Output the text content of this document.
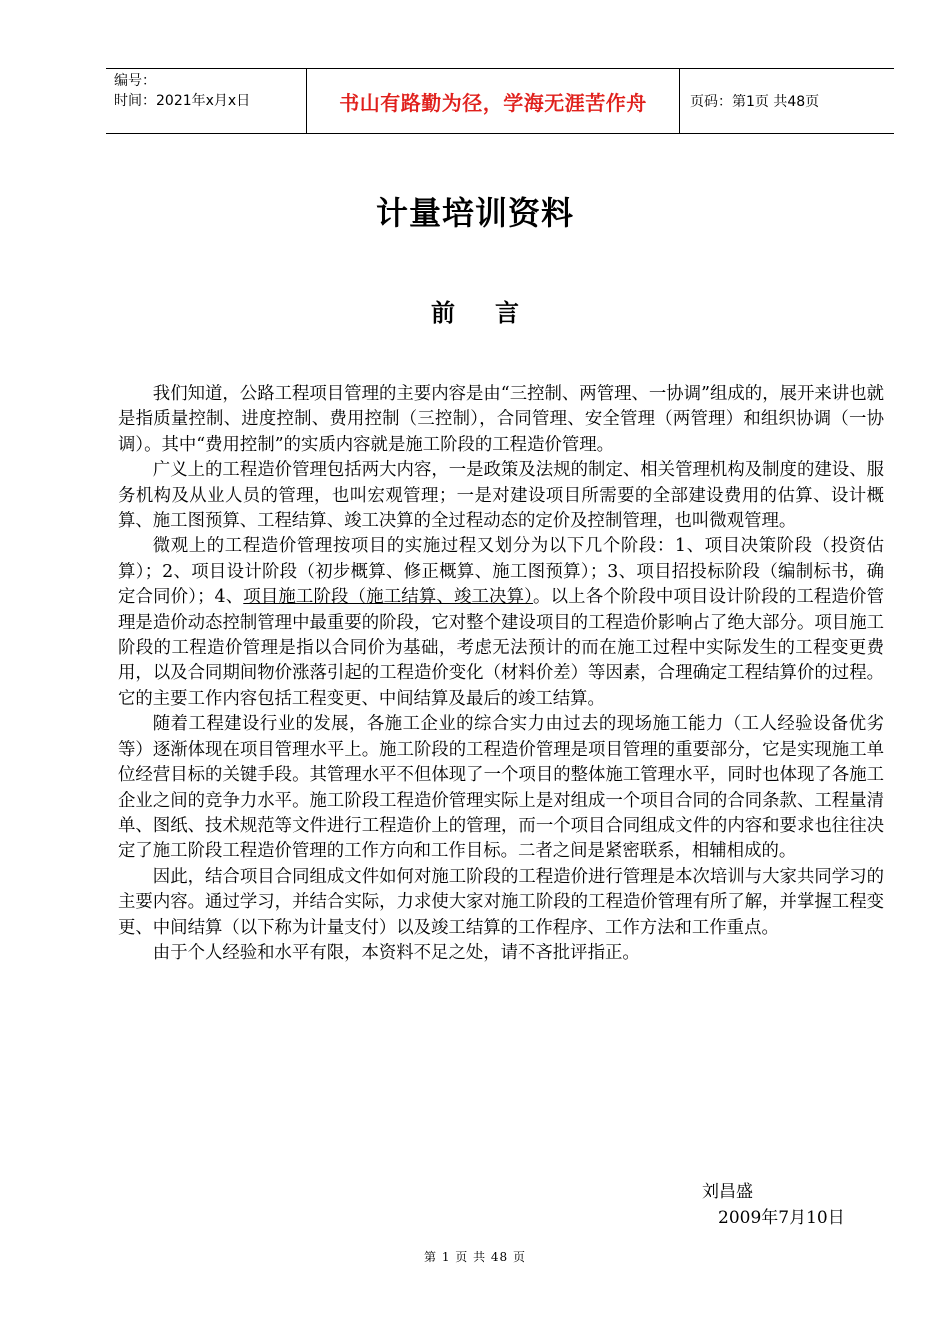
编号：
时间：2021年x月x日	书山有路勤为径，学海无涯苦作舟	页码：第1页 共48页
计量培训资料
前言

我们知道，公路工程项目管理的主要内容是由“三控制、两管理、一协调”组成的，展开来讲也就是指质量控制、进度控制、费用控制（三控制），合同管理、安全管理（两管理）和组织协调（一协调）。其中“费用控制”的实质内容就是施工阶段的工程造价管理。

广义上的工程造价管理包括两大内容，一是政策及法规的制定、相关管理机构及制度的建设、服务机构及从业人员的管理，也叫宏观管理；一是对建设项目所需要的全部建设费用的估算、设计概算、施工图预算、工程结算、竣工决算的全过程动态的定价及控制管理，也叫微观管理。

微观上的工程造价管理按项目的实施过程又划分为以下几个阶段：1、项目决策阶段（投资估算）；2、项目设计阶段（初步概算、修正概算、施工图预算）；3、项目招投标阶段（编制标书，确定合同价）；4、项目施工阶段（施工结算、竣工决算）。以上各个阶段中项目设计阶段的工程造价管理是造价动态控制管理中最重要的阶段，它对整个建设项目的工程造价影响占了绝大部分。项目施工阶段的工程造价管理是指以合同价为基础，考虑无法预计的而在施工过程中实际发生的工程变更费用，以及合同期间物价涨落引起的工程造价变化（材料价差）等因素，合理确定工程结算价的过程。它的主要工作内容包括工程变更、中间结算及最后的竣工结算。

随着工程建设行业的发展，各施工企业的综合实力由过去的现场施工能力（工人经验设备优劣等）逐渐体现在项目管理水平上。施工阶段的工程造价管理是项目管理的重要部分，它是实现施工单位经营目标的关键手段。其管理水平不但体现了一个项目的整体施工管理水平，同时也体现了各施工企业之间的竞争力水平。施工阶段工程造价管理实际上是对组成一个项目合同的合同条款、工程量清单、图纸、技术规范等文件进行工程造价上的管理，而一个项目合同组成文件的内容和要求也往往决定了施工阶段工程造价管理的工作方向和工作目标。二者之间是紧密联系，相辅相成的。

因此，结合项目合同组成文件如何对施工阶段的工程造价进行管理是本次培训与大家共同学习的主要内容。通过学习，并结合实际，力求使大家对施工阶段的工程造价管理有所了解，并掌握工程变更、中间结算（以下称为计量支付）以及竣工结算的工作程序、工作方法和工作重点。

由于个人经验和水平有限，本资料不足之处，请不吝批评指正。

刘昌盛
2009年7月10日
第 1 页 共 48 页
